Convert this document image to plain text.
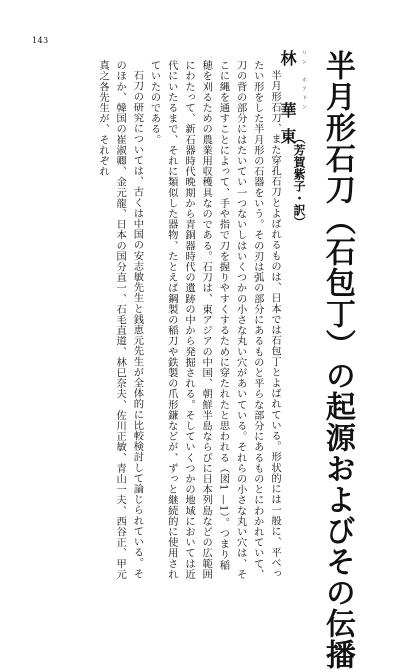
143
半月形石刀（石包丁）の起源およびその伝播
リン　ホアドン
林　華東
（芳賀紫子・訳）

半月形石刀、また穿孔石刀とよばれるものは、日本では石包丁とよばれている。形状的には一般に、平べったい形をした半月形の石器をいう。その刃は弧の部分にあるものと平らな部分にあるものとにわかれていて、刀の背の部分にはたいてい一つないしはいくつかの小さな丸い穴があいている。それらの小さな丸い穴は、そこに縄を通すことによって、手や指で刀を握りやすくするために穿たれたと思われる（図1 —1）。つまり稲穂を刈るための農業用収穫具なのである。石刀は、東アジアの中国、朝鮮半島ならびに日本列島などの広範囲にわたって、新石器時代晩期から青銅器時代の遺跡の中から発掘される。そしていくつかの地域においては近代にいたるまで、それに類似した器物、たとえば鋼製の稲刀や鉄製の爪形鎌などが、ずっと継続的に使用されていたのである。

石刀の研究については、古くは中国の安志敏先生と銭恵元先生が全体的に比較検討して論じられている。そのほか、韓国の崔淑卿、金元龍、日本の国分直一、石毛直道、林巳奈夫、佐川正敏、青山一夫、西谷正、甲元真之各先生が、それぞれ
